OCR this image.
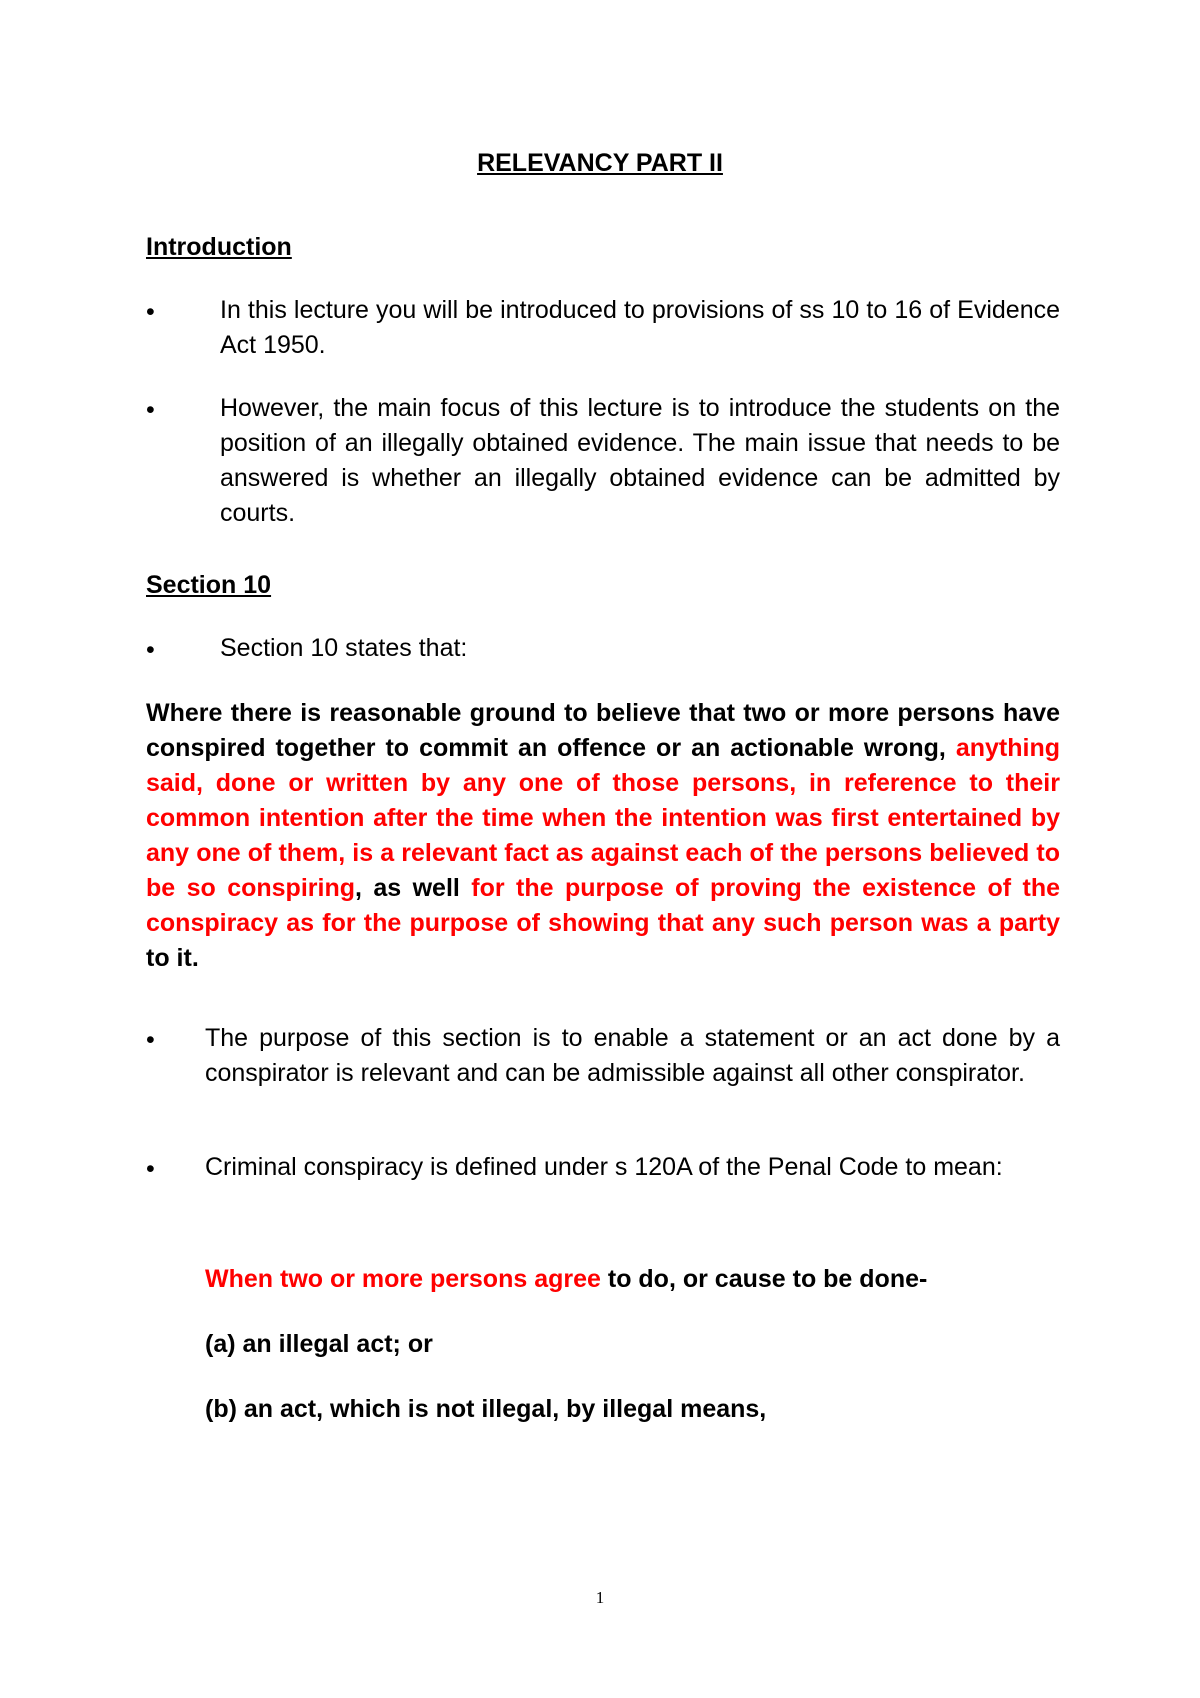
RELEVANCY PART II
Introduction
•	In this lecture you will be introduced to provisions of ss 10 to 16 of Evidence Act 1950.
•	However, the main focus of this lecture is to introduce the students on the position of an illegally obtained evidence. The main issue that needs to be answered is whether an illegally obtained evidence can be admitted by courts.
Section 10
•	Section 10 states that:
Where there is reasonable ground to believe that two or more persons have conspired together to commit an offence or an actionable wrong, anything said, done or written by any one of those persons, in reference to their common intention after the time when the intention was first entertained by any one of them, is a relevant fact as against each of the persons believed to be so conspiring, as well for the purpose of proving the existence of the conspiracy as for the purpose of showing that any such person was a party to it.
• The purpose of this section is to enable a statement or an act done by a conspirator is relevant and can be admissible against all other conspirator.
• Criminal conspiracy is defined under s 120A of the Penal Code to mean:
When two or more persons agree to do, or cause to be done-
(a) an illegal act; or
(b) an act, which is not illegal, by illegal means,
1
